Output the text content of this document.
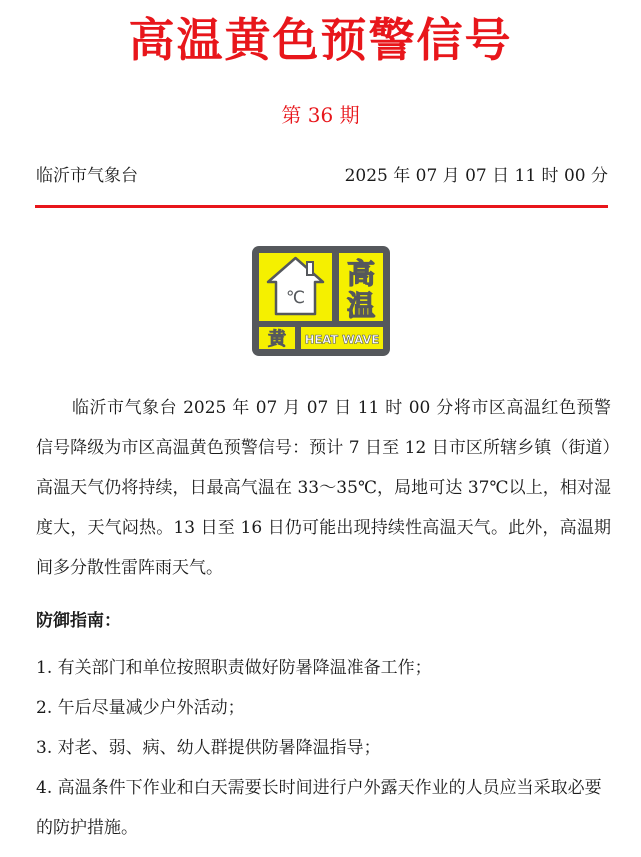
高温黄色预警信号
第 36 期
临沂市气象台	2025 年 07 月 07 日 11 时 00 分
℃
高
温
黄 HEAT WAVE
临沂市气象台 2025 年 07 月 07 日 11 时 00 分将市区高温红色预警信号降级为市区高温黄色预警信号：预计 7 日至 12 日市区所辖乡镇（街道）高温天气仍将持续，日最高气温在 33～35℃，局地可达 37℃以上，相对湿度大，天气闷热。13 日至 16 日仍可能出现持续性高温天气。此外，高温期间多分散性雷阵雨天气。
防御指南：
1. 有关部门和单位按照职责做好防暑降温准备工作；
2. 午后尽量减少户外活动；
3. 对老、弱、病、幼人群提供防暑降温指导；
4. 高温条件下作业和白天需要长时间进行户外露天作业的人员应当采取必要的防护措施。
